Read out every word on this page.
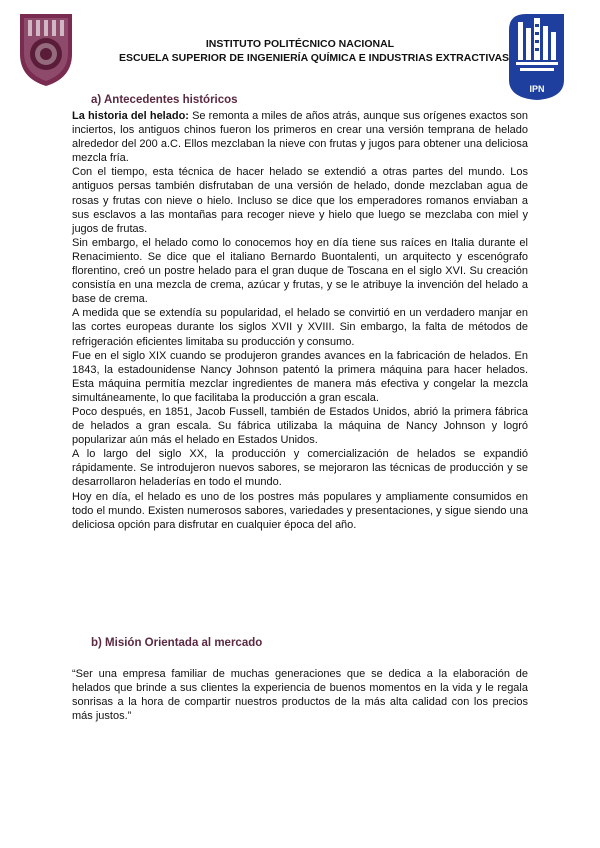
IPN
INSTITUTO POLITÉCNICO NACIONAL
ESCUELA SUPERIOR DE INGENIERÍA QUÍMICA E INDUSTRIAS EXTRACTIVAS
a) Antecedentes históricos

La historia del helado: Se remonta a miles de años atrás, aunque sus orígenes exactos son inciertos, los antiguos chinos fueron los primeros en crear una versión temprana de helado alrededor del 200 a.C. Ellos mezclaban la nieve con frutas y jugos para obtener una deliciosa mezcla fría.

Con el tiempo, esta técnica de hacer helado se extendió a otras partes del mundo. Los antiguos persas también disfrutaban de una versión de helado, donde mezclaban agua de rosas y frutas con nieve o hielo. Incluso se dice que los emperadores romanos enviaban a sus esclavos a las montañas para recoger nieve y hielo que luego se mezclaba con miel y jugos de frutas.

Sin embargo, el helado como lo conocemos hoy en día tiene sus raíces en Italia durante el Renacimiento. Se dice que el italiano Bernardo Buontalenti, un arquitecto y escenógrafo florentino, creó un postre helado para el gran duque de Toscana en el siglo XVI. Su creación consistía en una mezcla de crema, azúcar y frutas, y se le atribuye la invención del helado a base de crema.

A medida que se extendía su popularidad, el helado se convirtió en un verdadero manjar en las cortes europeas durante los siglos XVII y XVIII. Sin embargo, la falta de métodos de refrigeración eficientes limitaba su producción y consumo.

Fue en el siglo XIX cuando se produjeron grandes avances en la fabricación de helados. En 1843, la estadounidense Nancy Johnson patentó la primera máquina para hacer helados. Esta máquina permitía mezclar ingredientes de manera más efectiva y congelar la mezcla simultáneamente, lo que facilitaba la producción a gran escala.

Poco después, en 1851, Jacob Fussell, también de Estados Unidos, abrió la primera fábrica de helados a gran escala. Su fábrica utilizaba la máquina de Nancy Johnson y logró popularizar aún más el helado en Estados Unidos.

A lo largo del siglo XX, la producción y comercialización de helados se expandió rápidamente. Se introdujeron nuevos sabores, se mejoraron las técnicas de producción y se desarrollaron heladerías en todo el mundo.

Hoy en día, el helado es uno de los postres más populares y ampliamente consumidos en todo el mundo. Existen numerosos sabores, variedades y presentaciones, y sigue siendo una deliciosa opción para disfrutar en cualquier época del año.

b) Misión Orientada al mercado
“Ser una empresa familiar de muchas generaciones que se dedica a la elaboración de helados que brinde a sus clientes la experiencia de buenos momentos en la vida y le regala sonrisas a la hora de compartir nuestros productos de la más alta calidad con los precios más justos.”
